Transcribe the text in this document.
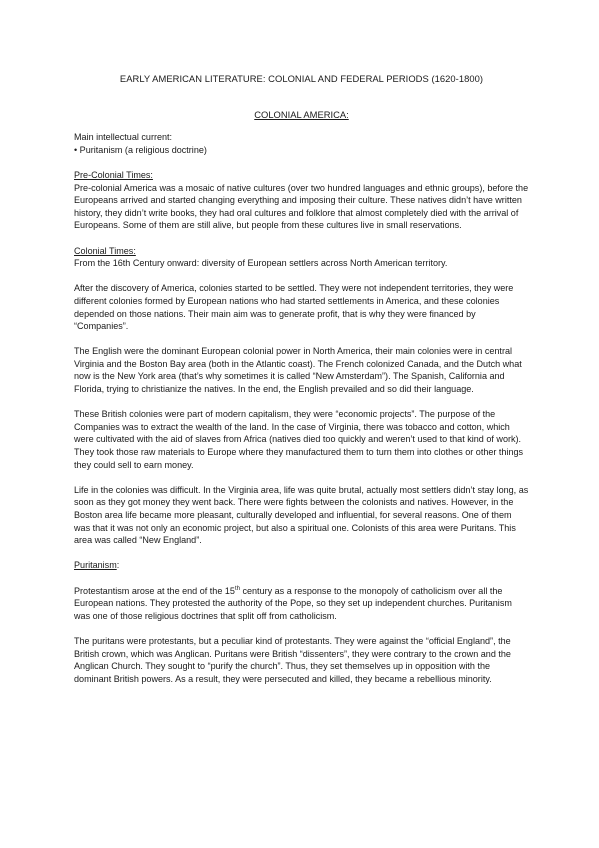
EARLY AMERICAN LITERATURE: COLONIAL AND FEDERAL PERIODS (1620-1800)
COLONIAL AMERICA:

Main intellectual current:

• Puritanism (a religious doctrine)

Pre-Colonial Times:

Pre-colonial America was a mosaic of native cultures (over two hundred languages and ethnic groups), before the Europeans arrived and started changing everything and imposing their culture. These natives didn’t have written history, they didn’t write books, they had oral cultures and folklore that almost completely died with the arrival of Europeans. Some of them are still alive, but people from these cultures live in small reservations.

Colonial Times:

From the 16th Century onward: diversity of European settlers across North American territory.

After the discovery of America, colonies started to be settled. They were not independent territories, they were different colonies formed by European nations who had started settlements in America, and these colonies depended on those nations. Their main aim was to generate profit, that is why they were financed by “Companies”.

The English were the dominant European colonial power in North America, their main colonies were in central Virginia and the Boston Bay area (both in the Atlantic coast). The French colonized Canada, and the Dutch what now is the New York area (that’s why sometimes it is called “New Amsterdam”). The Spanish, California and Florida, trying to christianize the natives. In the end, the English prevailed and so did their language.

These British colonies were part of modern capitalism, they were “economic projects”. The purpose of the Companies was to extract the wealth of the land. In the case of Virginia, there was tobacco and cotton, which were cultivated with the aid of slaves from Africa (natives died too quickly and weren’t used to that kind of work). They took those raw materials to Europe where they manufactured them to turn them into clothes or other things they could sell to earn money.

Life in the colonies was difficult. In the Virginia area, life was quite brutal, actually most settlers didn’t stay long, as soon as they got money they went back. There were fights between the colonists and natives. However, in the Boston area life became more pleasant, culturally developed and influential, for several reasons. One of them was that it was not only an economic project, but also a spiritual one. Colonists of this area were Puritans. This area was called “New England”.

Puritanism:

Protestantism arose at the end of the 15th century as a response to the monopoly of catholicism over all the European nations. They protested the authority of the Pope, so they set up independent churches. Puritanism was one of those religious doctrines that split off from catholicism.

The puritans were protestants, but a peculiar kind of protestants. They were against the “official England”, the British crown, which was Anglican. Puritans were British “dissenters”, they were contrary to the crown and the Anglican Church. They sought to “purify the church”. Thus, they set themselves up in opposition with the dominant British powers. As a result, they were persecuted and killed, they became a rebellious minority.
